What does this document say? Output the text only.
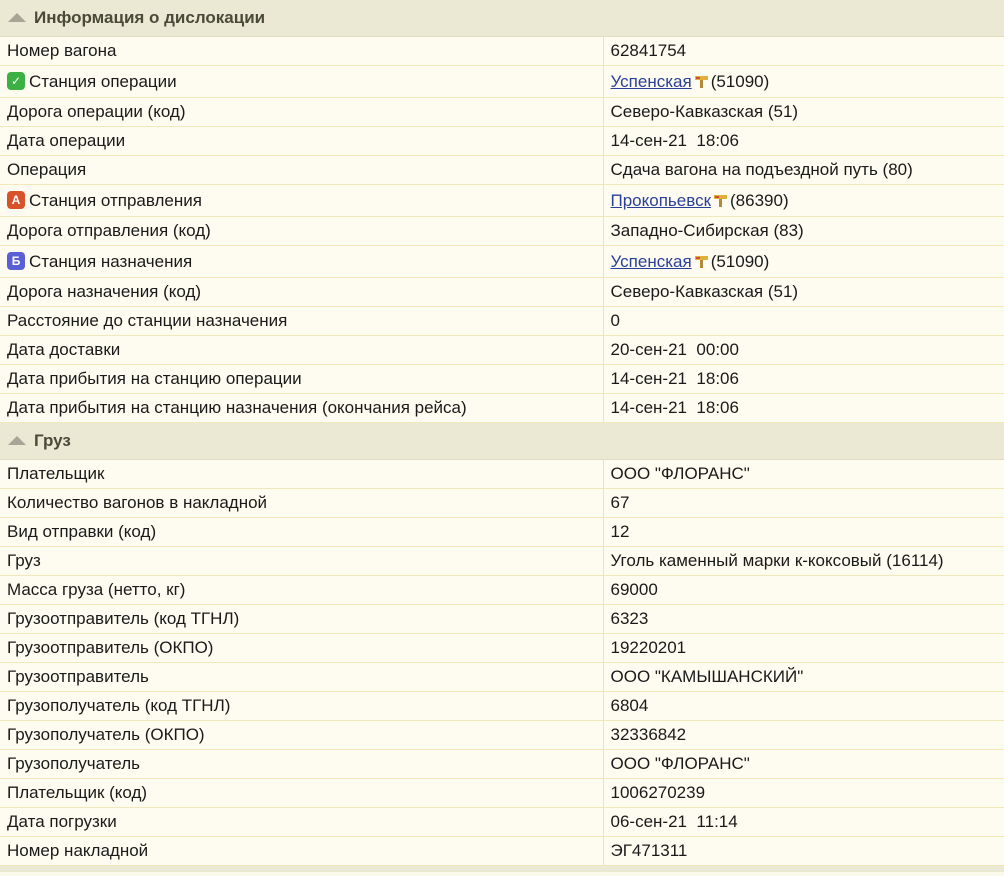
Информация о дислокации
Номер вагона	62841754
✓ Станция операции	Успенская (51090)
Дорога операции (код)	Северо-Кавказская (51)
Дата операции	14-сен-21  18:06
Операция	Сдача вагона на подъездной путь (80)
А Станция отправления	Прокопьевск (86390)
Дорога отправления (код)	Западно-Сибирская (83)
Б Станция назначения	Успенская (51090)
Дорога назначения (код)	Северо-Кавказская (51)
Расстояние до станции назначения	0
Дата доставки	20-сен-21  00:00
Дата прибытия на станцию операции	14-сен-21  18:06
Дата прибытия на станцию назначения (окончания рейса)	14-сен-21  18:06
Груз
Плательщик	ООО "ФЛОРАНС"
Количество вагонов в накладной	67
Вид отправки (код)	12
Груз	Уголь каменный марки к-коксовый (16114)
Масса груза (нетто, кг)	69000
Грузоотправитель (код ТГНЛ)	6323
Грузоотправитель (ОКПО)	19220201
Грузоотправитель	ООО "КАМЫШАНСКИЙ"
Грузополучатель (код ТГНЛ)	6804
Грузополучатель (ОКПО)	32336842
Грузополучатель	ООО "ФЛОРАНС"
Плательщик (код)	1006270239
Дата погрузки	06-сен-21  11:14
Номер накладной	ЭГ471311
